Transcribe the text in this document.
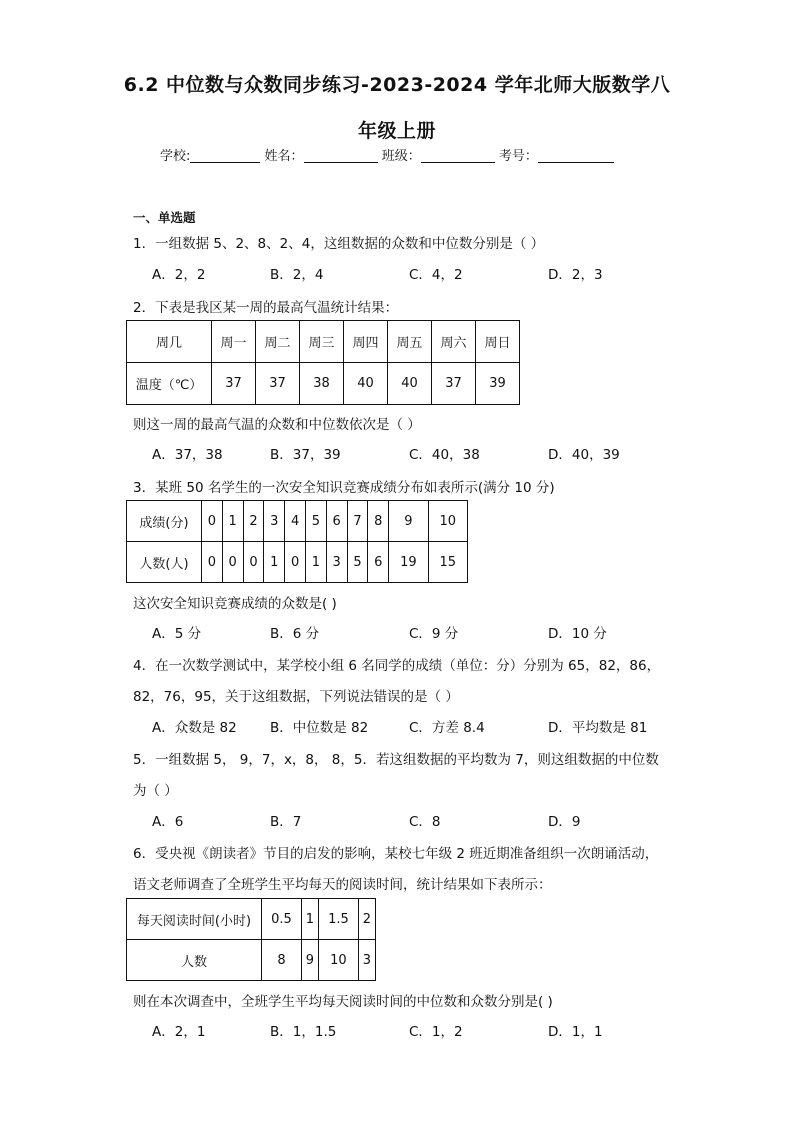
6.2 中位数与众数同步练习-2023-2024 学年北师大版数学八
年级上册
学校:	姓名：	班级：	考号：
一、单选题
1．一组数据 5、2、8、2、4，这组数据的众数和中位数分别是（ ）
A．2，2	B．2，4	C．4，2	D．2，3
2．下表是我区某一周的最高气温统计结果：
周几	周一	周二	周三	周四	周五	周六	周日
温度（℃）	37	37	38	40	40	37	39
则这一周的最高气温的众数和中位数依次是（ ）
A．37，38	B．37，39	C．40，38	D．40，39
3．某班 50 名学生的一次安全知识竞赛成绩分布如表所示(满分 10 分)
成绩(分)	0	1	2	3	4	5	6	7	8	9	10
人数(人)	0	0	0	1	0	1	3	5	6	19	15
这次安全知识竞赛成绩的众数是( )
A．5 分	B．6 分	C．9 分	D．10 分
4．在一次数学测试中，某学校小组 6 名同学的成绩（单位：分）分别为 65，82，86，
82，76，95，关于这组数据，下列说法错误的是（ ）
A．众数是 82 B．中位数是 82	C．方差 8.4	D．平均数是 81
5．一组数据 5， 9，7，x，8， 8，5．若这组数据的平均数为 7，则这组数据的中位数
为（ ）
A．6	B．7	C．8	D．9
6．受央视《朗读者》节目的启发的影响，某校七年级 2 班近期准备组织一次朗诵活动，
语文老师调查了全班学生平均每天的阅读时间，统计结果如下表所示：
每天阅读时间(小时)	0.5	1	1.5	2
人数	8	9	10	3
则在本次调查中，全班学生平均每天阅读时间的中位数和众数分别是( )
A．2，1	B．1，1.5	C．1，2	D．1，1
